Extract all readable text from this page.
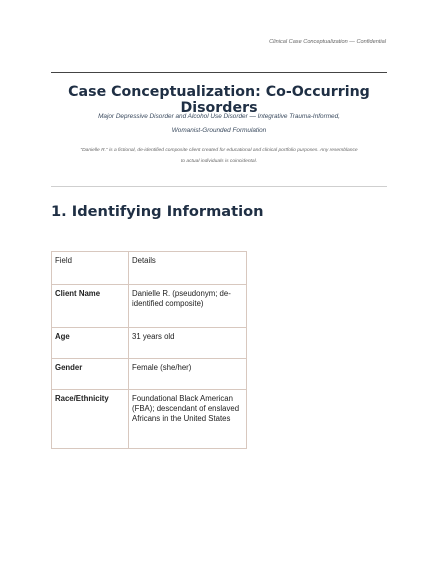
Clinical Case Conceptualization — Confidential
Case Conceptualization: Co-Occurring Disorders
Major Depressive Disorder and Alcohol Use Disorder — Integrative Trauma-Informed,
Womanist-Grounded Formulation
"Danielle R." is a fictional, de-identified composite client created for educational and clinical portfolio purposes. Any resemblance
to actual individuals is coincidental.
1. Identifying Information
Field	Details
Client Name	Danielle R. (pseudonym; de-identified composite)
Age	31 years old
Gender	Female (she/her)
Race/Ethnicity	Foundational Black American (FBA); descendant of enslaved Africans in the United States
